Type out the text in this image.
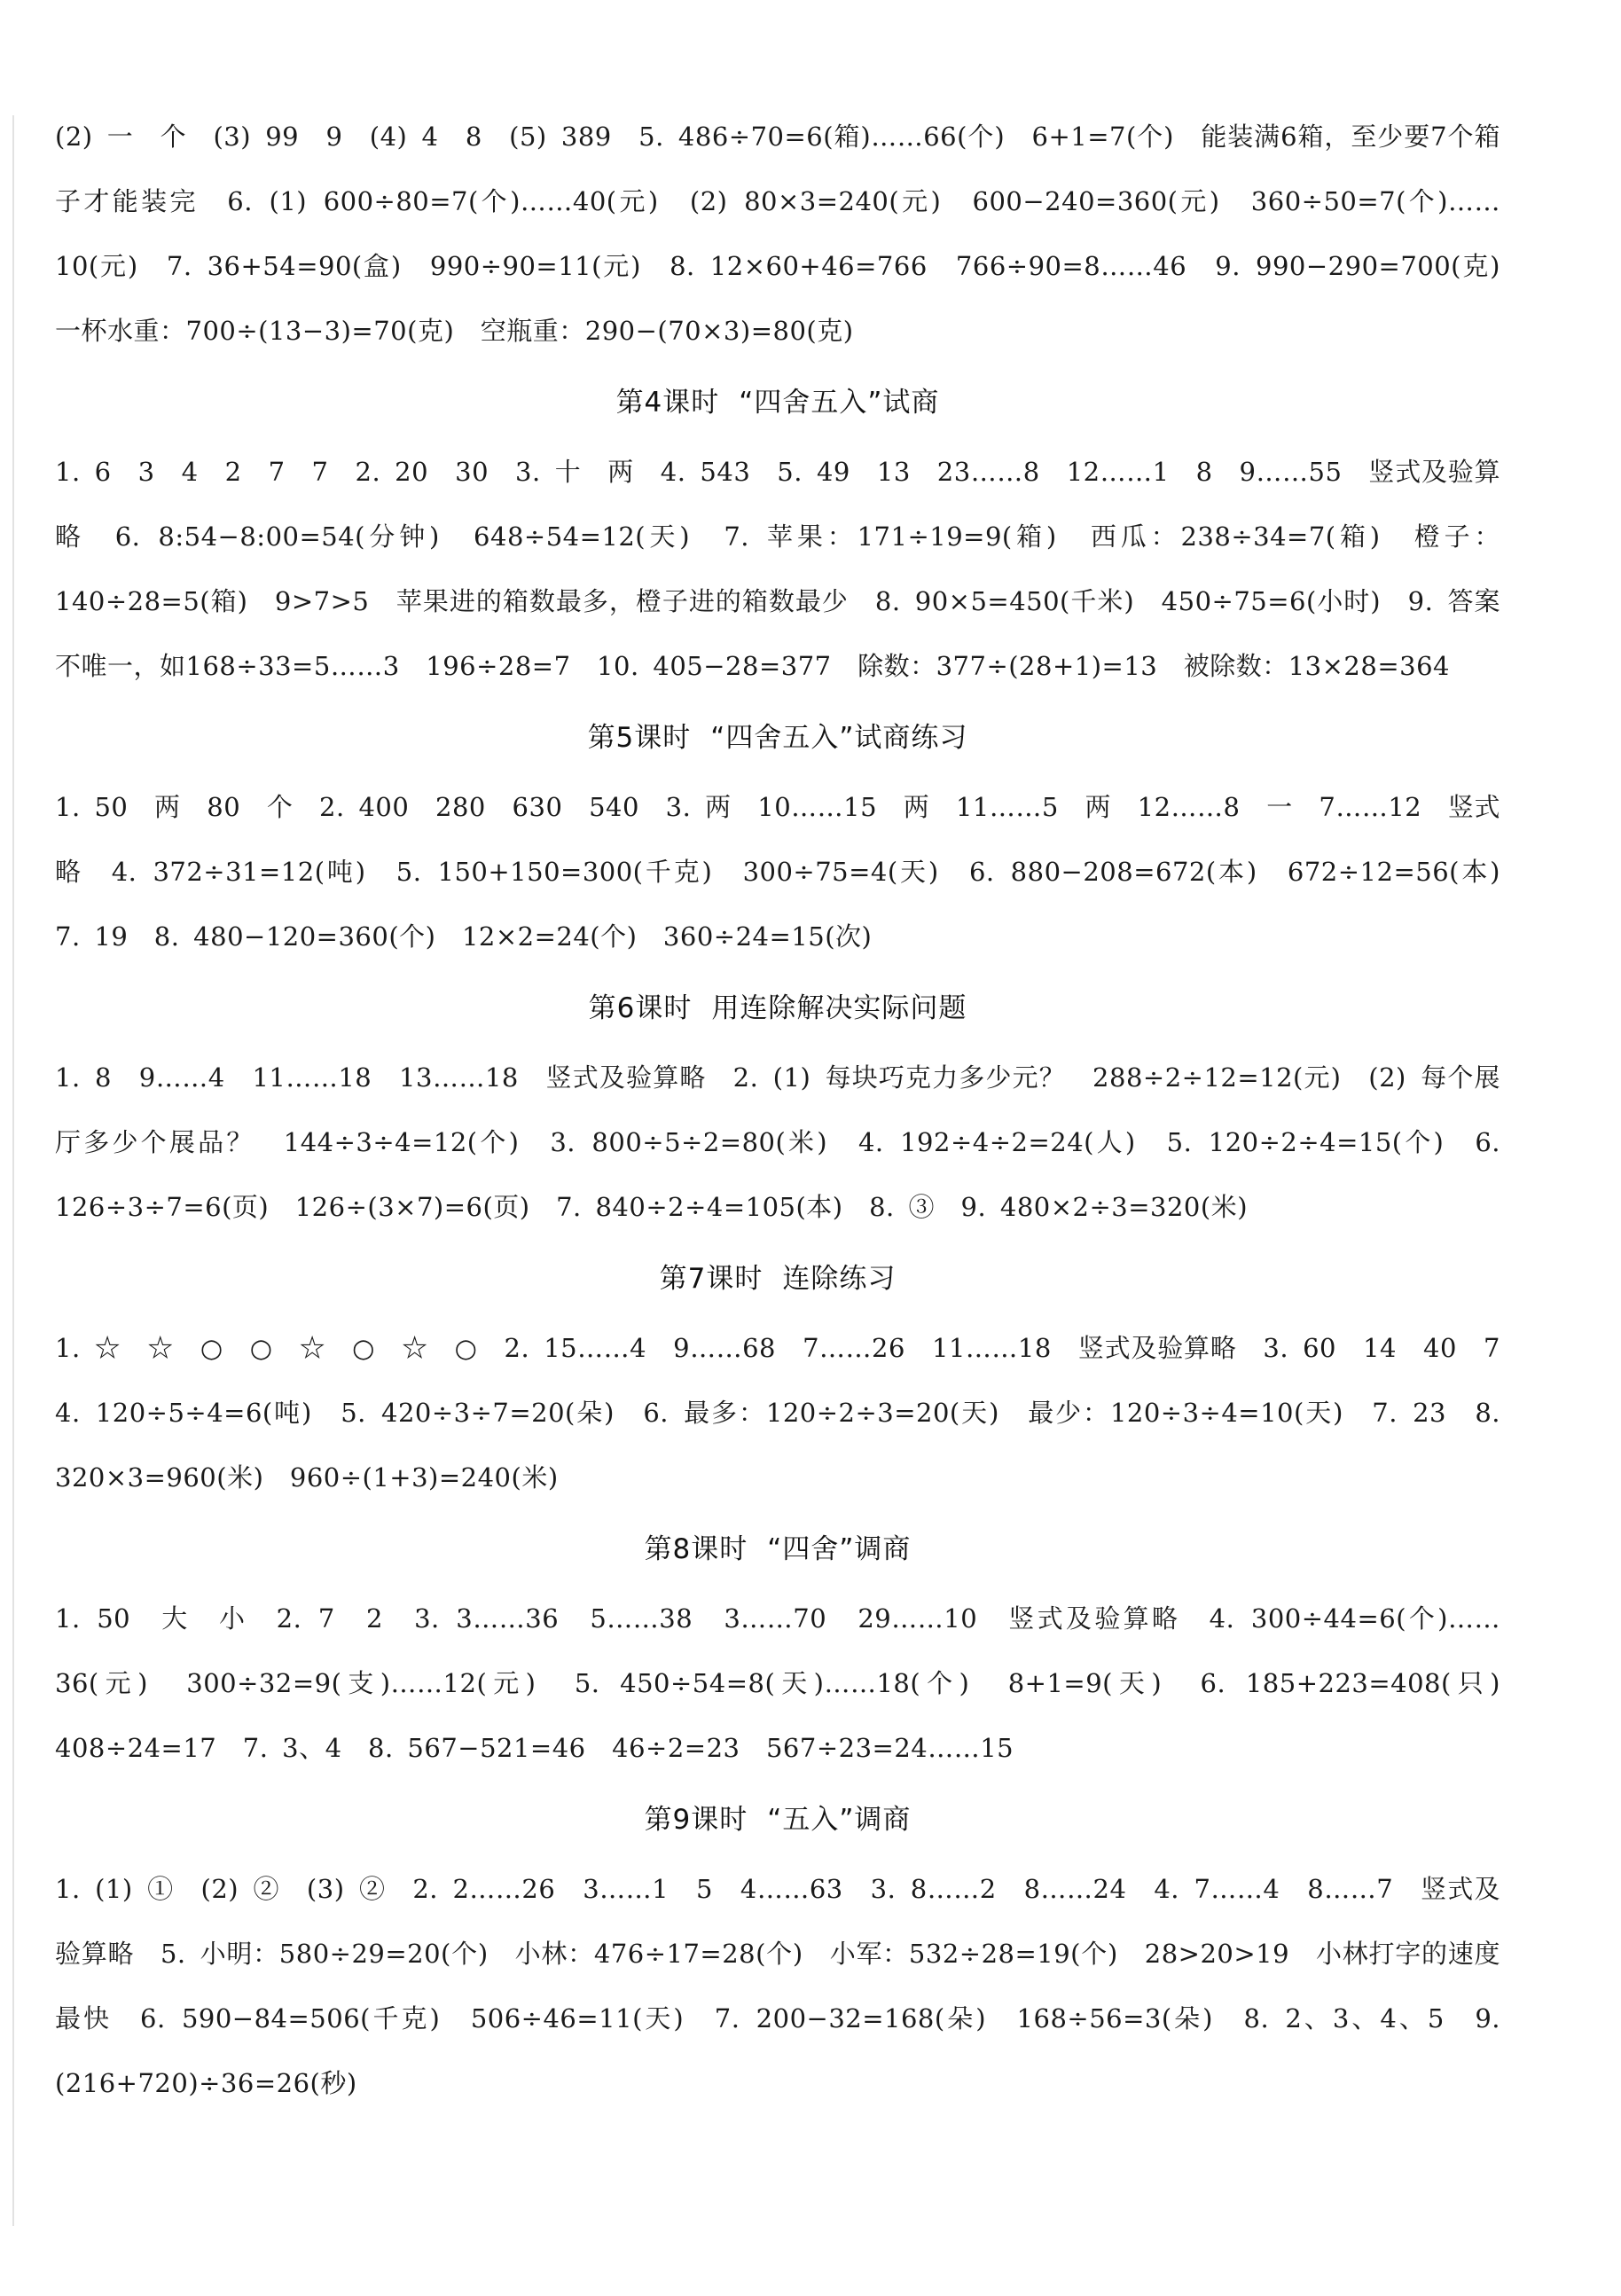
(2) 一　个　(3) 99　9　(4) 4　8　(5) 389　5. 486÷70=6(箱)……66(个)　6+1=7(个)　能装满6箱，至少要7个箱子才能装完　6. (1) 600÷80=7(个)……40(元)　(2) 80×3=240(元)　600−240=360(元)　360÷50=7(个)……10(元)　7. 36+54=90(盒)　990÷90=11(元)　8. 12×60+46=766　766÷90=8……46　9. 990−290=700(克)　一杯水重：700÷(13−3)=70(克)　空瓶重：290−(70×3)=80(克)

第4课时 “四舍五入”试商

1. 6　3　4　2　7　7　2. 20　30　3. 十　两　4. 543　5. 49　13　23……8　12……1　8　9……55　竖式及验算略　6. 8:54−8:00=54(分钟)　648÷54=12(天)　7. 苹果：171÷19=9(箱)　西瓜：238÷34=7(箱)　橙子：140÷28=5(箱)　9>7>5　苹果进的箱数最多，橙子进的箱数最少　8. 90×5=450(千米)　450÷75=6(小时)　9. 答案不唯一，如168÷33=5……3　196÷28=7　10. 405−28=377　除数：377÷(28+1)=13　被除数：13×28=364

第5课时 “四舍五入”试商练习

1. 50　两　80　个　2. 400　280　630　540　3. 两　10……15　两　11……5　两　12……8　一　7……12　竖式略　4. 372÷31=12(吨)　5. 150+150=300(千克)　300÷75=4(天)　6. 880−208=672(本)　672÷12=56(本)　7. 19　8. 480−120=360(个)　12×2=24(个)　360÷24=15(次)

第6课时 用连除解决实际问题

1. 8　9……4　11……18　13……18　竖式及验算略　2. (1) 每块巧克力多少元？　288÷2÷12=12(元)　(2) 每个展厅多少个展品？　144÷3÷4=12(个)　3. 800÷5÷2=80(米)　4. 192÷4÷2=24(人)　5. 120÷2÷4=15(个)　6. 126÷3÷7=6(页)　126÷(3×7)=6(页)　7. 840÷2÷4=105(本)　8. ③　9. 480×2÷3=320(米)

第7课时 连除练习

1. ☆　☆　○　○　☆　○　☆　○　2. 15……4　9……68　7……26　11……18　竖式及验算略　3. 60　14　40　7　4. 120÷5÷4=6(吨)　5. 420÷3÷7=20(朵)　6. 最多：120÷2÷3=20(天)　最少：120÷3÷4=10(天)　7. 23　8. 320×3=960(米)　960÷(1+3)=240(米)

第8课时 “四舍”调商

1. 50　大　小　2. 7　2　3. 3……36　5……38　3……70　29……10　竖式及验算略　4. 300÷44=6(个)……36(元)　300÷32=9(支)……12(元)　5. 450÷54=8(天)……18(个)　8+1=9(天)　6. 185+223=408(只)　408÷24=17　7. 3、4　8. 567−521=46　46÷2=23　567÷23=24……15

第9课时 “五入”调商

1. (1) ①　(2) ②　(3) ②　2. 2……26　3……1　5　4……63　3. 8……2　8……24　4. 7……4　8……7　竖式及验算略　5. 小明：580÷29=20(个)　小林：476÷17=28(个)　小军：532÷28=19(个)　28>20>19　小林打字的速度最快　6. 590−84=506(千克)　506÷46=11(天)　7. 200−32=168(朵)　168÷56=3(朵)　8. 2、3、4、5　9. (216+720)÷36=26(秒)
